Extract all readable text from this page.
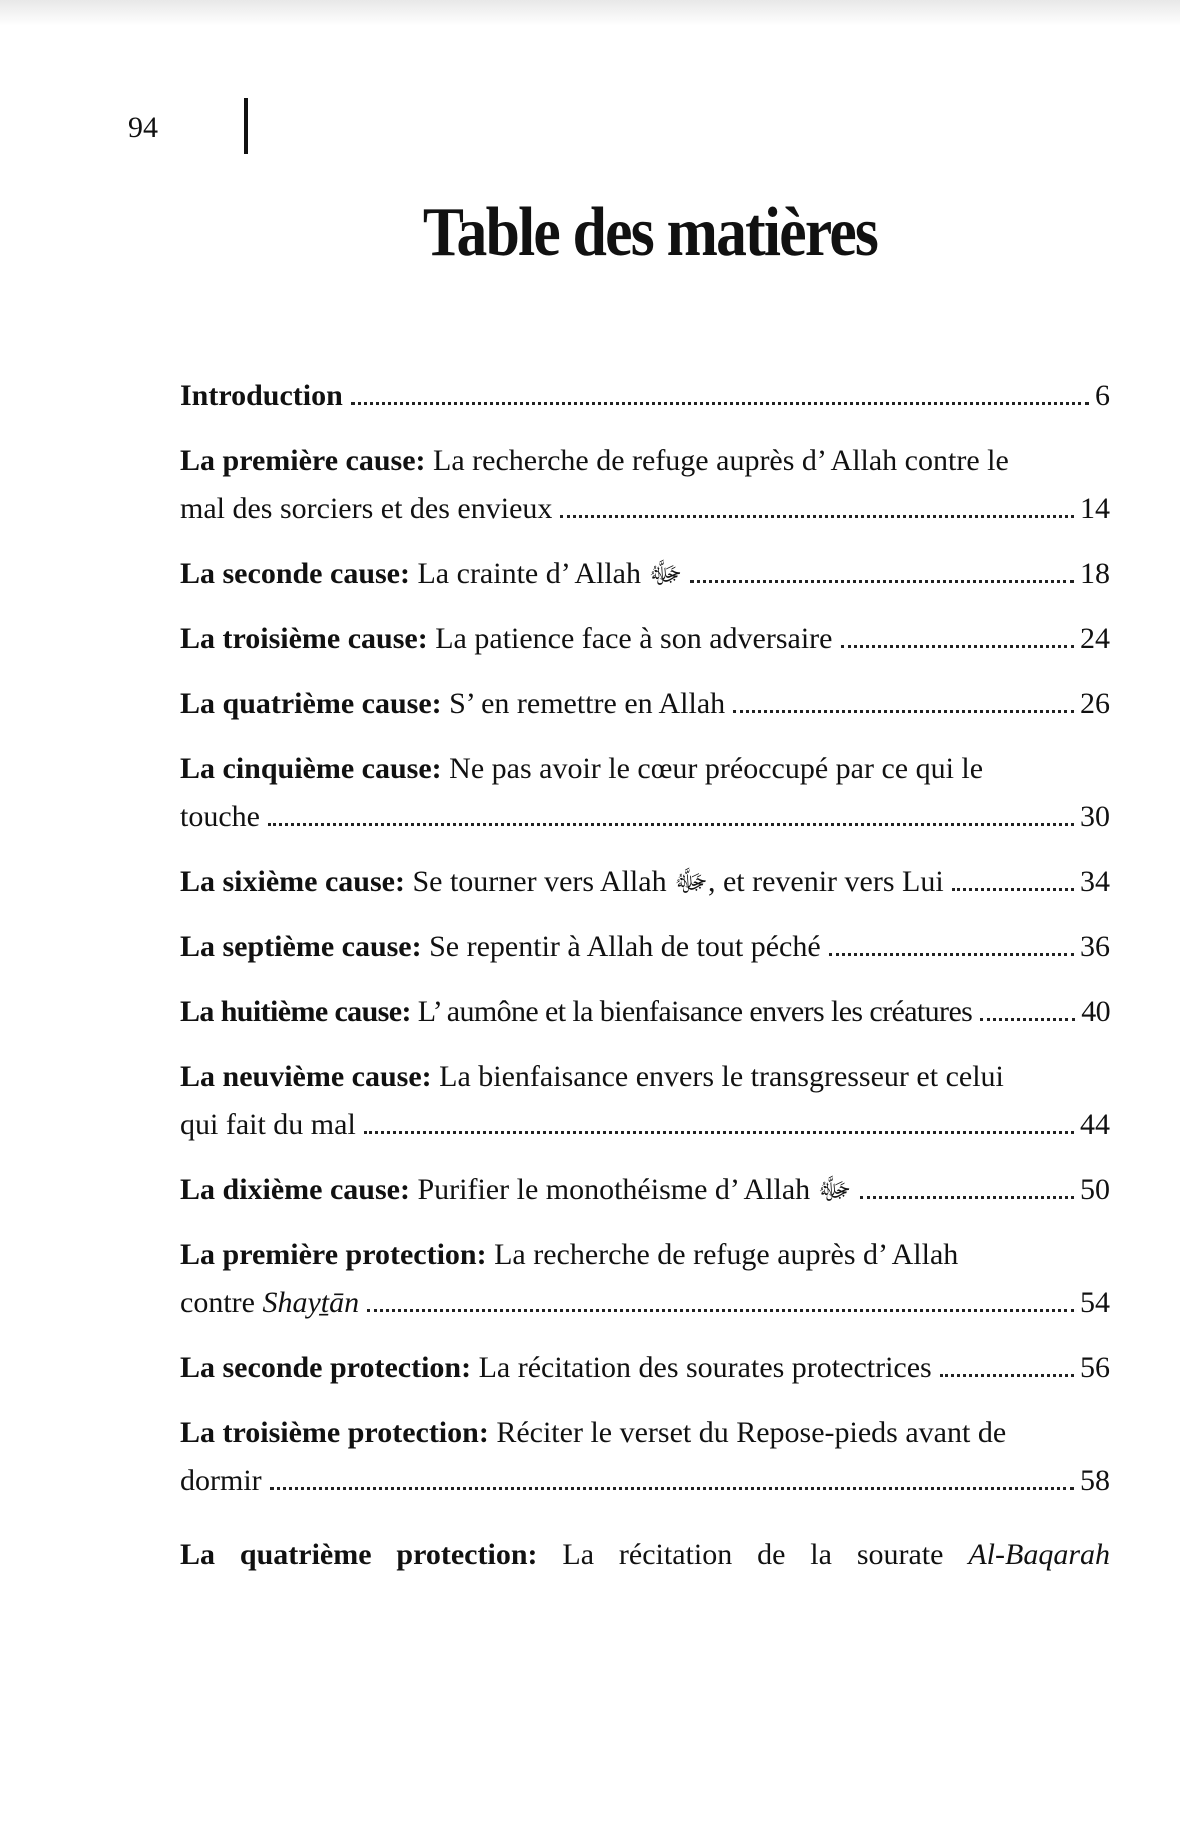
94
Table des matières
Introduction	6
La première cause: La recherche de refuge auprès d’ Allah contre le
mal des sorciers et des envieux	14
La seconde cause: La crainte d’ Allah ﷻ	18
La troisième cause: La patience face à son adversaire	24
La quatrième cause: S’ en remettre en Allah	26
La cinquième cause: Ne pas avoir le cœur préoccupé par ce qui le
touche	30
La sixième cause: Se tourner vers Allah ﷻ, et revenir vers Lui	34
La septième cause: Se repentir à Allah de tout péché	36
La huitième cause: L’ aumône et la bienfaisance envers les créatures	40
La neuvième cause: La bienfaisance envers le transgresseur et celui
qui fait du mal	44
La dixième cause: Purifier le monothéisme d’ Allah ﷻ	50
La première protection: La recherche de refuge auprès d’ Allah
contre Shayṯān	54
La seconde protection: La récitation des sourates protectrices	56
La troisième protection: Réciter le verset du Repose-pieds avant de
dormir	58
La quatrième protection: La récitation de la sourate Al-Baqarah
